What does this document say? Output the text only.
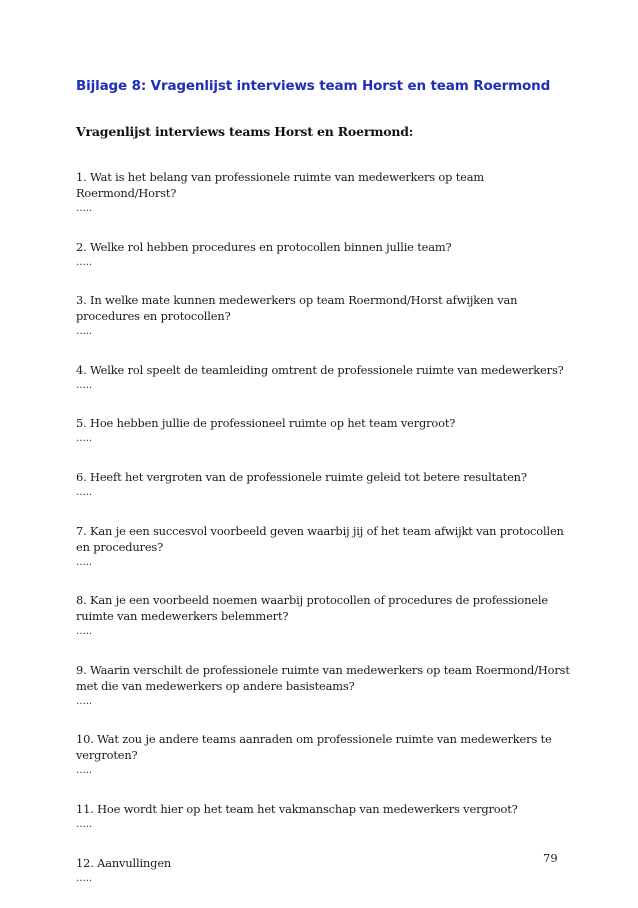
Bijlage 8: Vragenlijst interviews team Horst en team Roermond
Vragenlijst interviews teams Horst en Roermond:
1. Wat is het belang van professionele ruimte van medewerkers op team Roermond/Horst?
…..
2. Welke rol hebben procedures en protocollen binnen jullie team?
…..
3. In welke mate kunnen medewerkers op team Roermond/Horst afwijken van procedures en protocollen?
…..
4. Welke rol speelt de teamleiding omtrent de professionele ruimte van medewerkers?
…..
5. Hoe hebben jullie de professioneel ruimte op het team vergroot?
…..
6. Heeft het vergroten van de professionele ruimte geleid tot betere resultaten?
…..
7. Kan je een succesvol voorbeeld geven waarbij jij of het team afwijkt van protocollen en procedures?
…..
8. Kan je een voorbeeld noemen waarbij protocollen of procedures de professionele ruimte van medewerkers belemmert?
…..
9. Waarin verschilt de professionele ruimte van medewerkers op team Roermond/Horst met die van medewerkers op andere basisteams?
…..
10. Wat zou je andere teams aanraden om professionele ruimte van medewerkers te vergroten?
…..
11. Hoe wordt hier op het team het vakmanschap van medewerkers vergroot?
…..
12. Aanvullingen
…..
79
